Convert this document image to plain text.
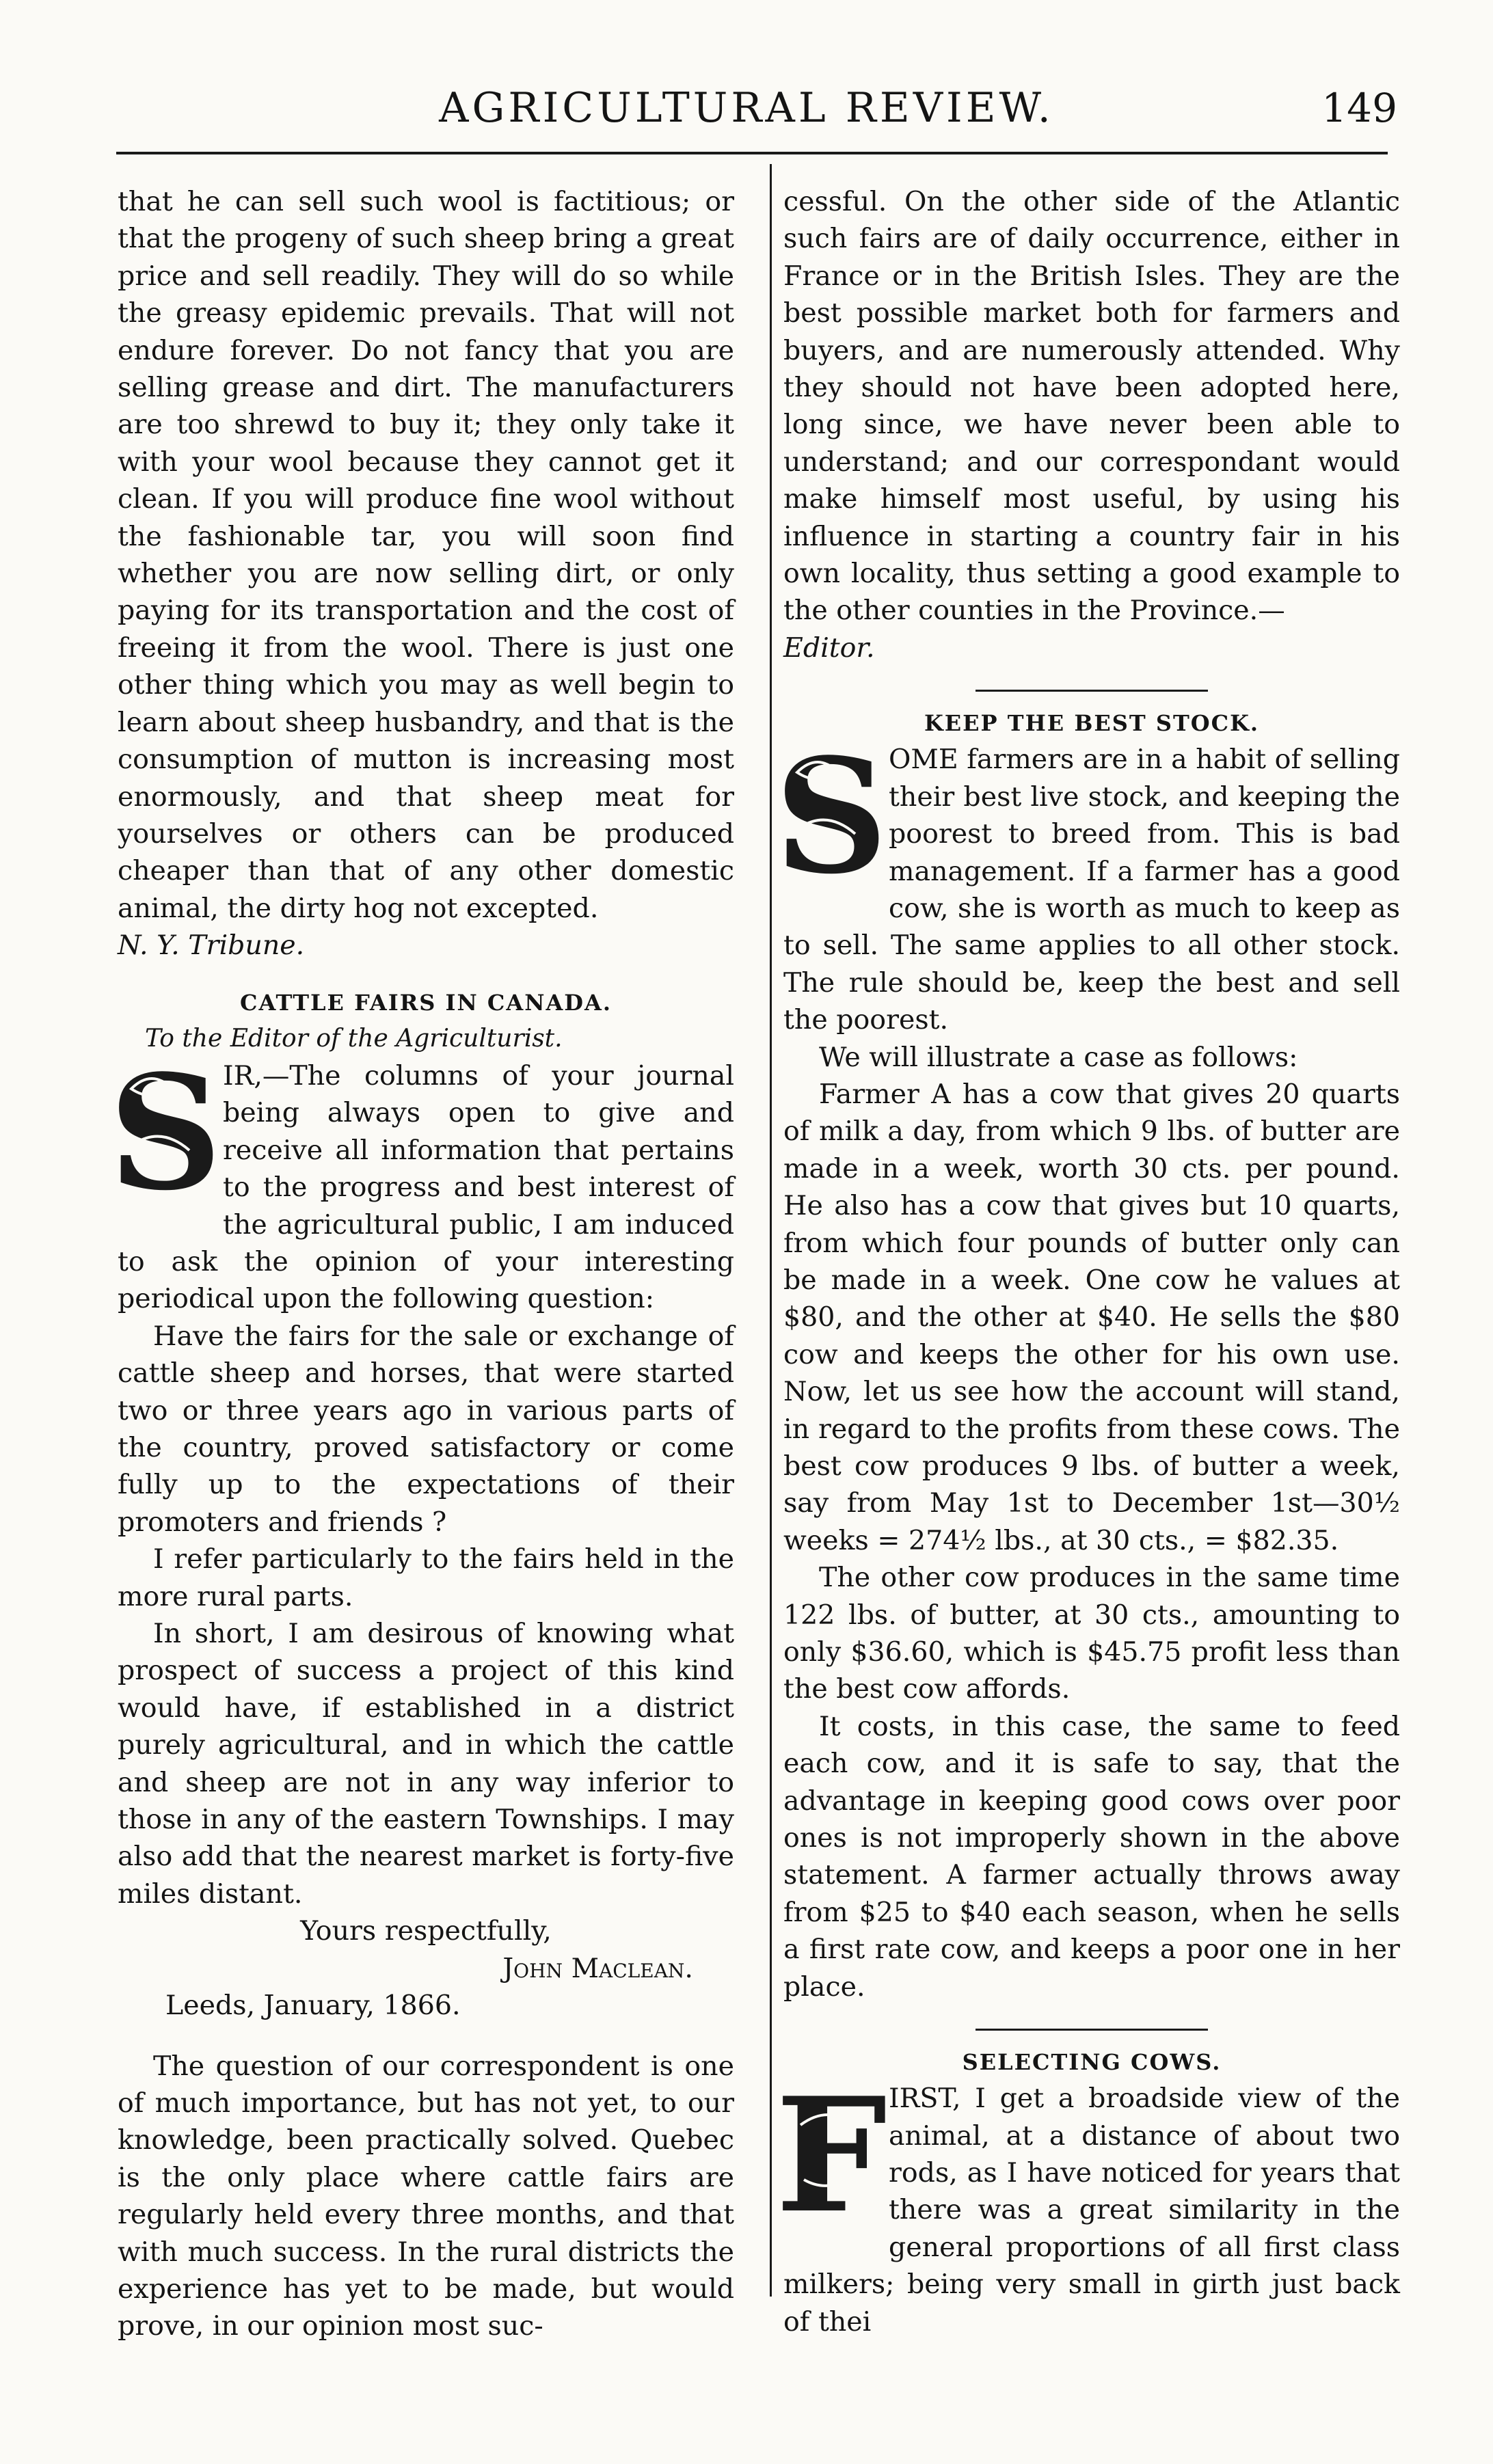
AGRICULTURAL REVIEW.	149

that he can sell such wool is factitious; or that the progeny of such sheep bring a great price and sell readily. They will do so while the greasy epidemic prevails. That will not endure forever. Do not fancy that you are selling grease and dirt. The manufacturers are too shrewd to buy it; they only take it with your wool because they cannot get it clean. If you will produce fine wool without the fashionable tar, you will soon find whether you are now selling dirt, or only paying for its transportation and the cost of freeing it from the wool. There is just one other thing which you may as well begin to learn about sheep husbandry, and that is the consumption of mutton is increasing most enormously, and that sheep meat for yourselves or others can be produced cheaper than that of any other domestic animal, the dirty hog not excepted.

N. Y. Tribune.

CATTLE FAIRS IN CANADA.

To the Editor of the Agriculturist.

S IR,—The columns of your journal being always open to give and receive all information that pertains to the progress and best interest of the agricultural public, I am induced to ask the opinion of your interesting periodical upon the following question:

Have the fairs for the sale or exchange of cattle sheep and horses, that were started two or three years ago in various parts of the country, proved satisfactory or come fully up to the expectations of their promoters and friends ?

I refer particularly to the fairs held in the more rural parts.

In short, I am desirous of knowing what prospect of success a project of this kind would have, if established in a district purely agricultural, and in which the cattle and sheep are not in any way inferior to those in any of the eastern Townships. I may also add that the nearest market is forty-five miles distant.

Yours respectfully,

John Maclean.

Leeds, January, 1866.

The question of our correspondent is one of much importance, but has not yet, to our knowledge, been practically solved. Quebec is the only place where cattle fairs are regularly held every three months, and that with much success. In the rural districts the experience has yet to be made, but would prove, in our opinion most suc-

cessful. On the other side of the Atlantic such fairs are of daily occurrence, either in France or in the British Isles. They are the best possible market both for farmers and buyers, and are numerously attended. Why they should not have been adopted here, long since, we have never been able to understand; and our correspondant would make himself most useful, by using his influence in starting a country fair in his own locality, thus setting a good example to the other counties in the Province.—

Editor.

KEEP THE BEST STOCK.

S OME farmers are in a habit of selling their best live stock, and keeping the poorest to breed from. This is bad management. If a farmer has a good cow, she is worth as much to keep as to sell. The same applies to all other stock. The rule should be, keep the best and sell the poorest.

We will illustrate a case as follows:

Farmer A has a cow that gives 20 quarts of milk a day, from which 9 lbs. of butter are made in a week, worth 30 cts. per pound. He also has a cow that gives but 10 quarts, from which four pounds of butter only can be made in a week. One cow he values at $80, and the other at $40. He sells the $80 cow and keeps the other for his own use. Now, let us see how the account will stand, in regard to the profits from these cows. The best cow produces 9 lbs. of butter a week, say from May 1st to December 1st—30½ weeks = 274½ lbs., at 30 cts., = $82.35.

The other cow produces in the same time 122 lbs. of butter, at 30 cts., amounting to only $36.60, which is $45.75 profit less than the best cow affords.

It costs, in this case, the same to feed each cow, and it is safe to say, that the advantage in keeping good cows over poor ones is not improperly shown in the above statement. A farmer actually throws away from $25 to $40 each season, when he sells a first rate cow, and keeps a poor one in her place.

SELECTING COWS.

F IRST, I get a broadside view of the animal, at a distance of about two rods, as I have noticed for years that there was a great similarity in the general proportions of all first class milkers; being very small in girth just back of thei
